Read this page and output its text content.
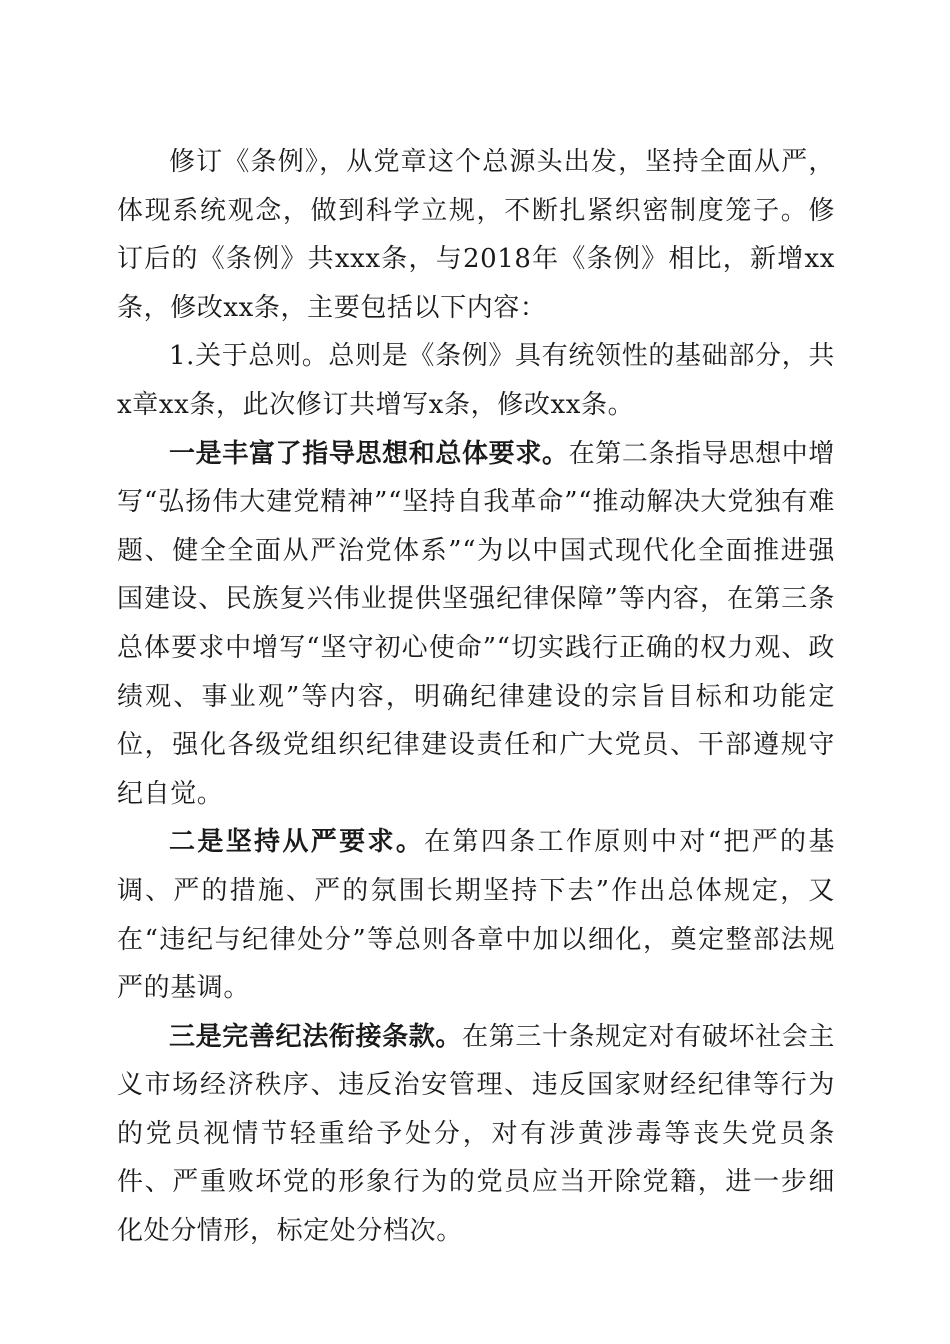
修订《条例》，从党章这个总源头出发，坚持全面从严，体现系统观念，做到科学立规，不断扎紧织密制度笼子。修订后的《条例》共xxx条，与2018年《条例》相比，新增xx条，修改xx条，主要包括以下内容：

1.关于总则。总则是《条例》具有统领性的基础部分，共x章xx条，此次修订共增写x条，修改xx条。

一是丰富了指导思想和总体要求。在第二条指导思想中增写“弘扬伟大建党精神”“坚持自我革命”“推动解决大党独有难题、健全全面从严治党体系”“为以中国式现代化全面推进强国建设、民族复兴伟业提供坚强纪律保障”等内容，在第三条总体要求中增写“坚守初心使命”“切实践行正确的权力观、政绩观、事业观”等内容，明确纪律建设的宗旨目标和功能定位，强化各级党组织纪律建设责任和广大党员、干部遵规守纪自觉。

二是坚持从严要求。在第四条工作原则中对“把严的基调、严的措施、严的氛围长期坚持下去”作出总体规定，又在“违纪与纪律处分”等总则各章中加以细化，奠定整部法规严的基调。

三是完善纪法衔接条款。在第三十条规定对有破坏社会主义市场经济秩序、违反治安管理、违反国家财经纪律等行为的党员视情节轻重给予处分，对有涉黄涉毒等丧失党员条件、严重败坏党的形象行为的党员应当开除党籍，进一步细化处分情形，标定处分档次。
